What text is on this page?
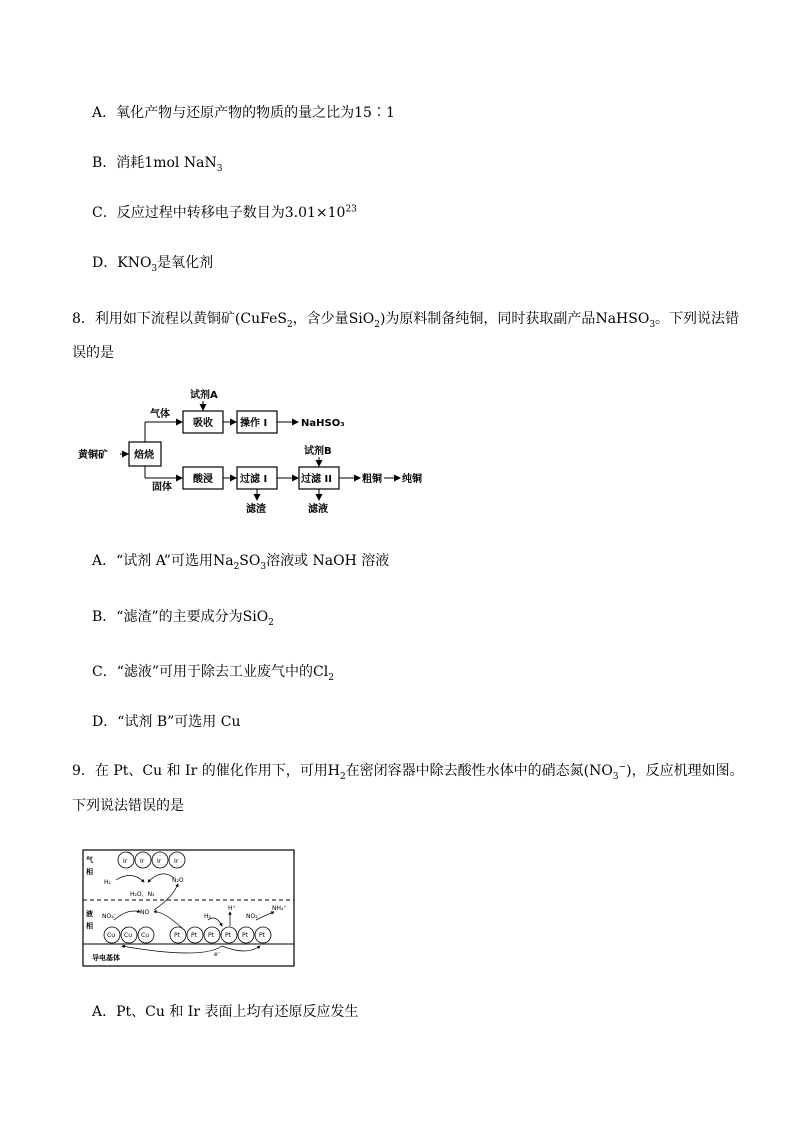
A．氧化产物与还原产物的物质的量之比为15∶1
B．消耗1mol NaN$_3$
C．反应过程中转移电子数目为$3.01\times 10^{23}$
D．$KNO_3$是氧化剂
8．利用如下流程以黄铜矿(CuFeS$_2$，含少量SiO$_2$)为原料制备纯铜，同时获取副产品NaHSO$_3$。下列说法错
误的是
黄铜矿	焙烧
气体
固体
试剂A
吸收	操作 I	NaHSO₃
酸浸	过滤 I
滤渣
试剂B
过滤 II
滤液
粗铜 纯铜
A．“试剂 A”可选用$Na_2SO_3$溶液或 NaOH 溶液
B．“滤渣”的主要成分为SiO$_2$
C．“滤液”可用于除去工业废气中的$Cl_2$
D．“试剂 B”可选用 Cu
9．在 Pt、Cu 和 Ir 的催化作用下，可用$H_2$在密闭容器中除去酸性水体中的硝态氮$(NO_3^-)$，反应机理如图。
下列说法错误的是
气
相
液
相
导电基体
Ir Ir Ir Ir
Cu Cu Cu	Pt Pt Pt Pt Pt Pt
H₂
H₂O、N₂
N₂O
NO₃⁻
NO
H₂
H⁺
NO₂⁻
NH₄⁺
e⁻
A．Pt、Cu 和 Ir 表面上均有还原反应发生
